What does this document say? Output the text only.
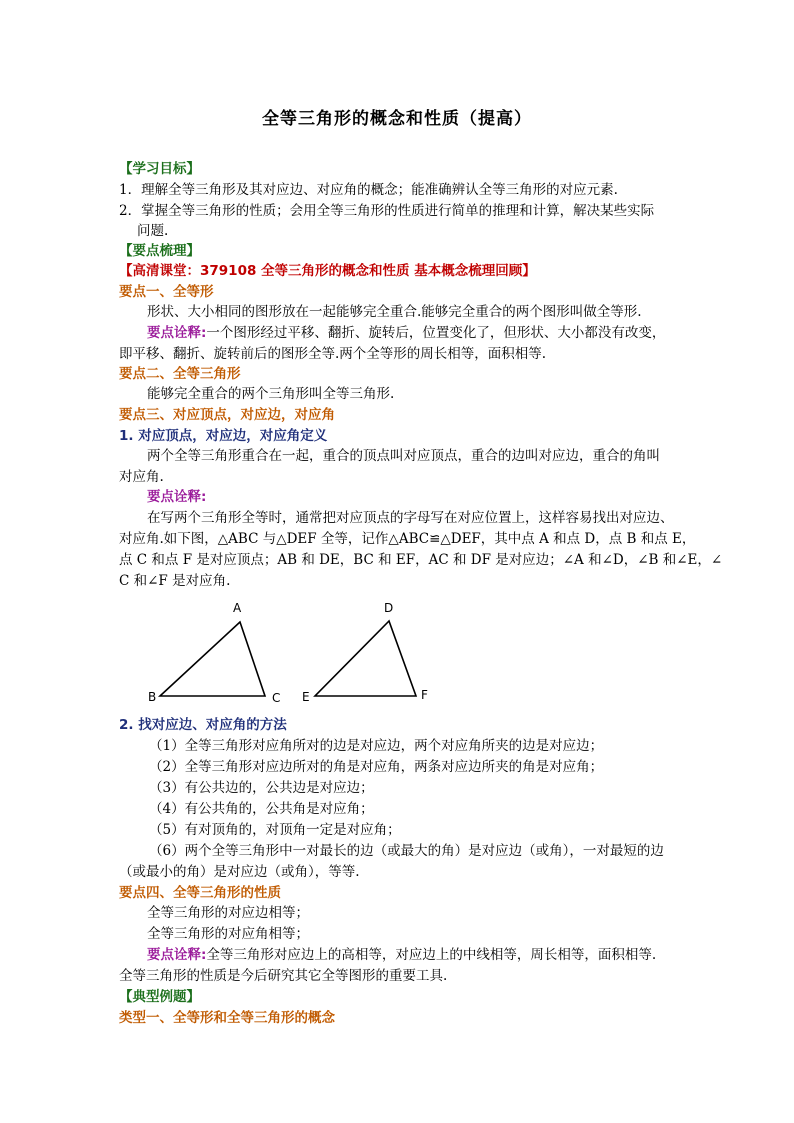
全等三角形的概念和性质（提高）
【学习目标】
1．理解全等三角形及其对应边、对应角的概念；能准确辨认全等三角形的对应元素.
2．掌握全等三角形的性质；会用全等三角形的性质进行简单的推理和计算，解决某些实际
问题.
【要点梳理】
【高清课堂：379108 全等三角形的概念和性质 基本概念梳理回顾】
要点一、全等形
形状、大小相同的图形放在一起能够完全重合.能够完全重合的两个图形叫做全等形.
要点诠释:一个图形经过平移、翻折、旋转后，位置变化了，但形状、大小都没有改变，
即平移、翻折、旋转前后的图形全等.两个全等形的周长相等，面积相等.
要点二、全等三角形
能够完全重合的两个三角形叫全等三角形.
要点三、对应顶点，对应边，对应角
1. 对应顶点，对应边，对应角定义
两个全等三角形重合在一起，重合的顶点叫对应顶点，重合的边叫对应边，重合的角叫
对应角.
要点诠释:
在写两个三角形全等时，通常把对应顶点的字母写在对应位置上，这样容易找出对应边、
对应角.如下图，△ABC 与△DEF 全等，记作△ABC≌△DEF，其中点 A 和点 D，点 B 和点 E，
点 C 和点 F 是对应顶点；AB 和 DE，BC 和 EF，AC 和 DF 是对应边；∠A 和∠D，∠B 和∠E，∠
C 和∠F 是对应角.
A
B	C
D
E	F
2. 找对应边、对应角的方法
（1）全等三角形对应角所对的边是对应边，两个对应角所夹的边是对应边；
（2）全等三角形对应边所对的角是对应角，两条对应边所夹的角是对应角；
（3）有公共边的，公共边是对应边；
（4）有公共角的，公共角是对应角；
（5）有对顶角的，对顶角一定是对应角；
（6）两个全等三角形中一对最长的边（或最大的角）是对应边（或角），一对最短的边
（或最小的角）是对应边（或角），等等.
要点四、全等三角形的性质
全等三角形的对应边相等；
全等三角形的对应角相等；
要点诠释:全等三角形对应边上的高相等，对应边上的中线相等，周长相等，面积相等.
全等三角形的性质是今后研究其它全等图形的重要工具.
【典型例题】
类型一、全等形和全等三角形的概念
